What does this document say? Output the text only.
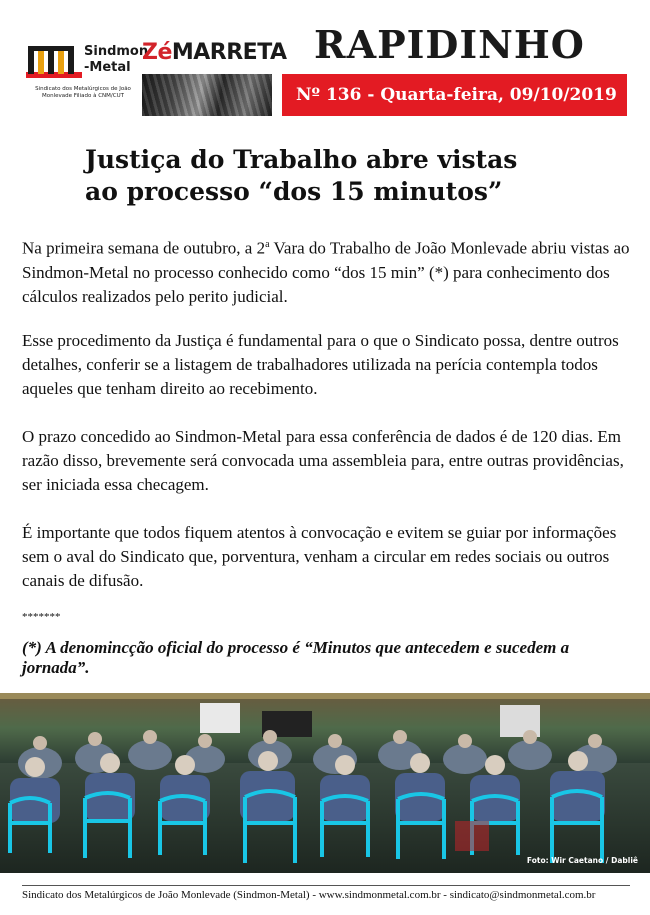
Sindmon
-Metal
Sindicato dos Metalúrgicos de João Monlevade Filiado à CNM/CUT
ZéMARRETA RAPIDINHO
Nº 136 - Quarta-feira, 09/10/2019
Justiça do Trabalho abre vistas
ao processo “dos 15 minutos”

Na primeira semana de outubro, a 2$^a$ Vara do Trabalho de João Monlevade abriu vistas ao Sindmon-Metal no processo conhecido como “dos 15 min” (*) para conhecimento dos cálculos realizados pelo perito judicial.

Esse procedimento da Justiça é fundamental para o que o Sindicato possa, dentre outros detalhes, conferir se a listagem de trabalhadores utilizada na perícia contempla todos aqueles que tenham direito ao recebimento.

O prazo concedido ao Sindmon-Metal para essa conferência de dados é de 120 dias. Em razão disso, brevemente será convocada uma assembleia para, entre outras providências, ser iniciada essa checagem.

É importante que todos fiquem atentos à convocação e evitem se guiar por informações sem o aval do Sindicato que, porventura, venham a circular em redes sociais ou outros canais de difusão.

*******
(*) A denomincção oficial do processo é “Minutos que antecedem e sucedem a jornada”.
Foto: Wir Caetano / Dabliê
Sindicato dos Metalúrgicos de João Monlevade (Sindmon-Metal) - www.sindmonmetal.com.br - sindicato@sindmonmetal.com.br
